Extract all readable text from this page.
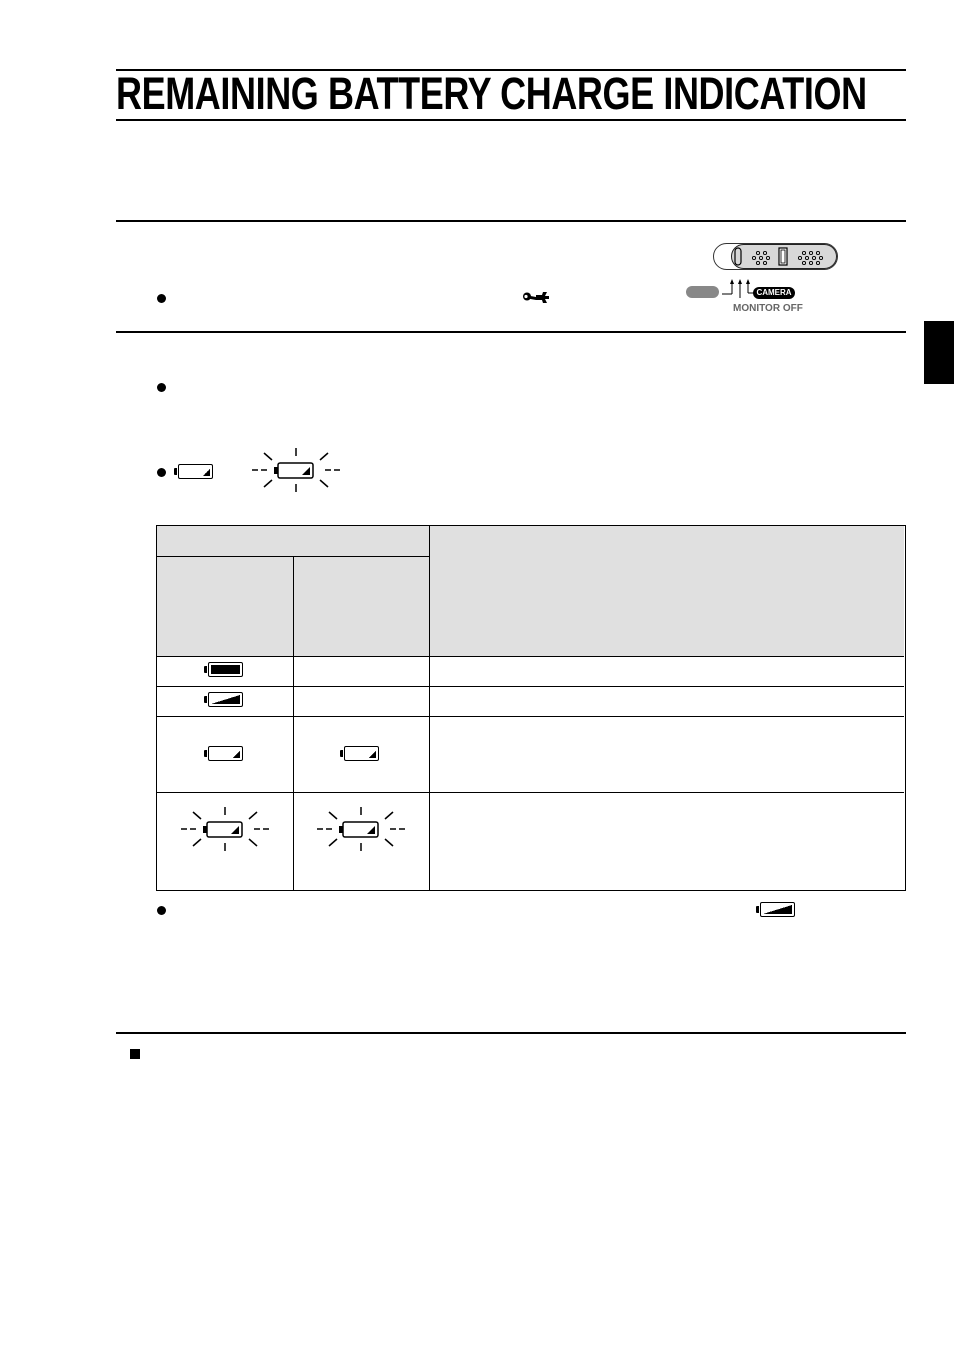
REMAINING BATTERY CHARGE INDICATION
CAMERA
MONITOR OFF
